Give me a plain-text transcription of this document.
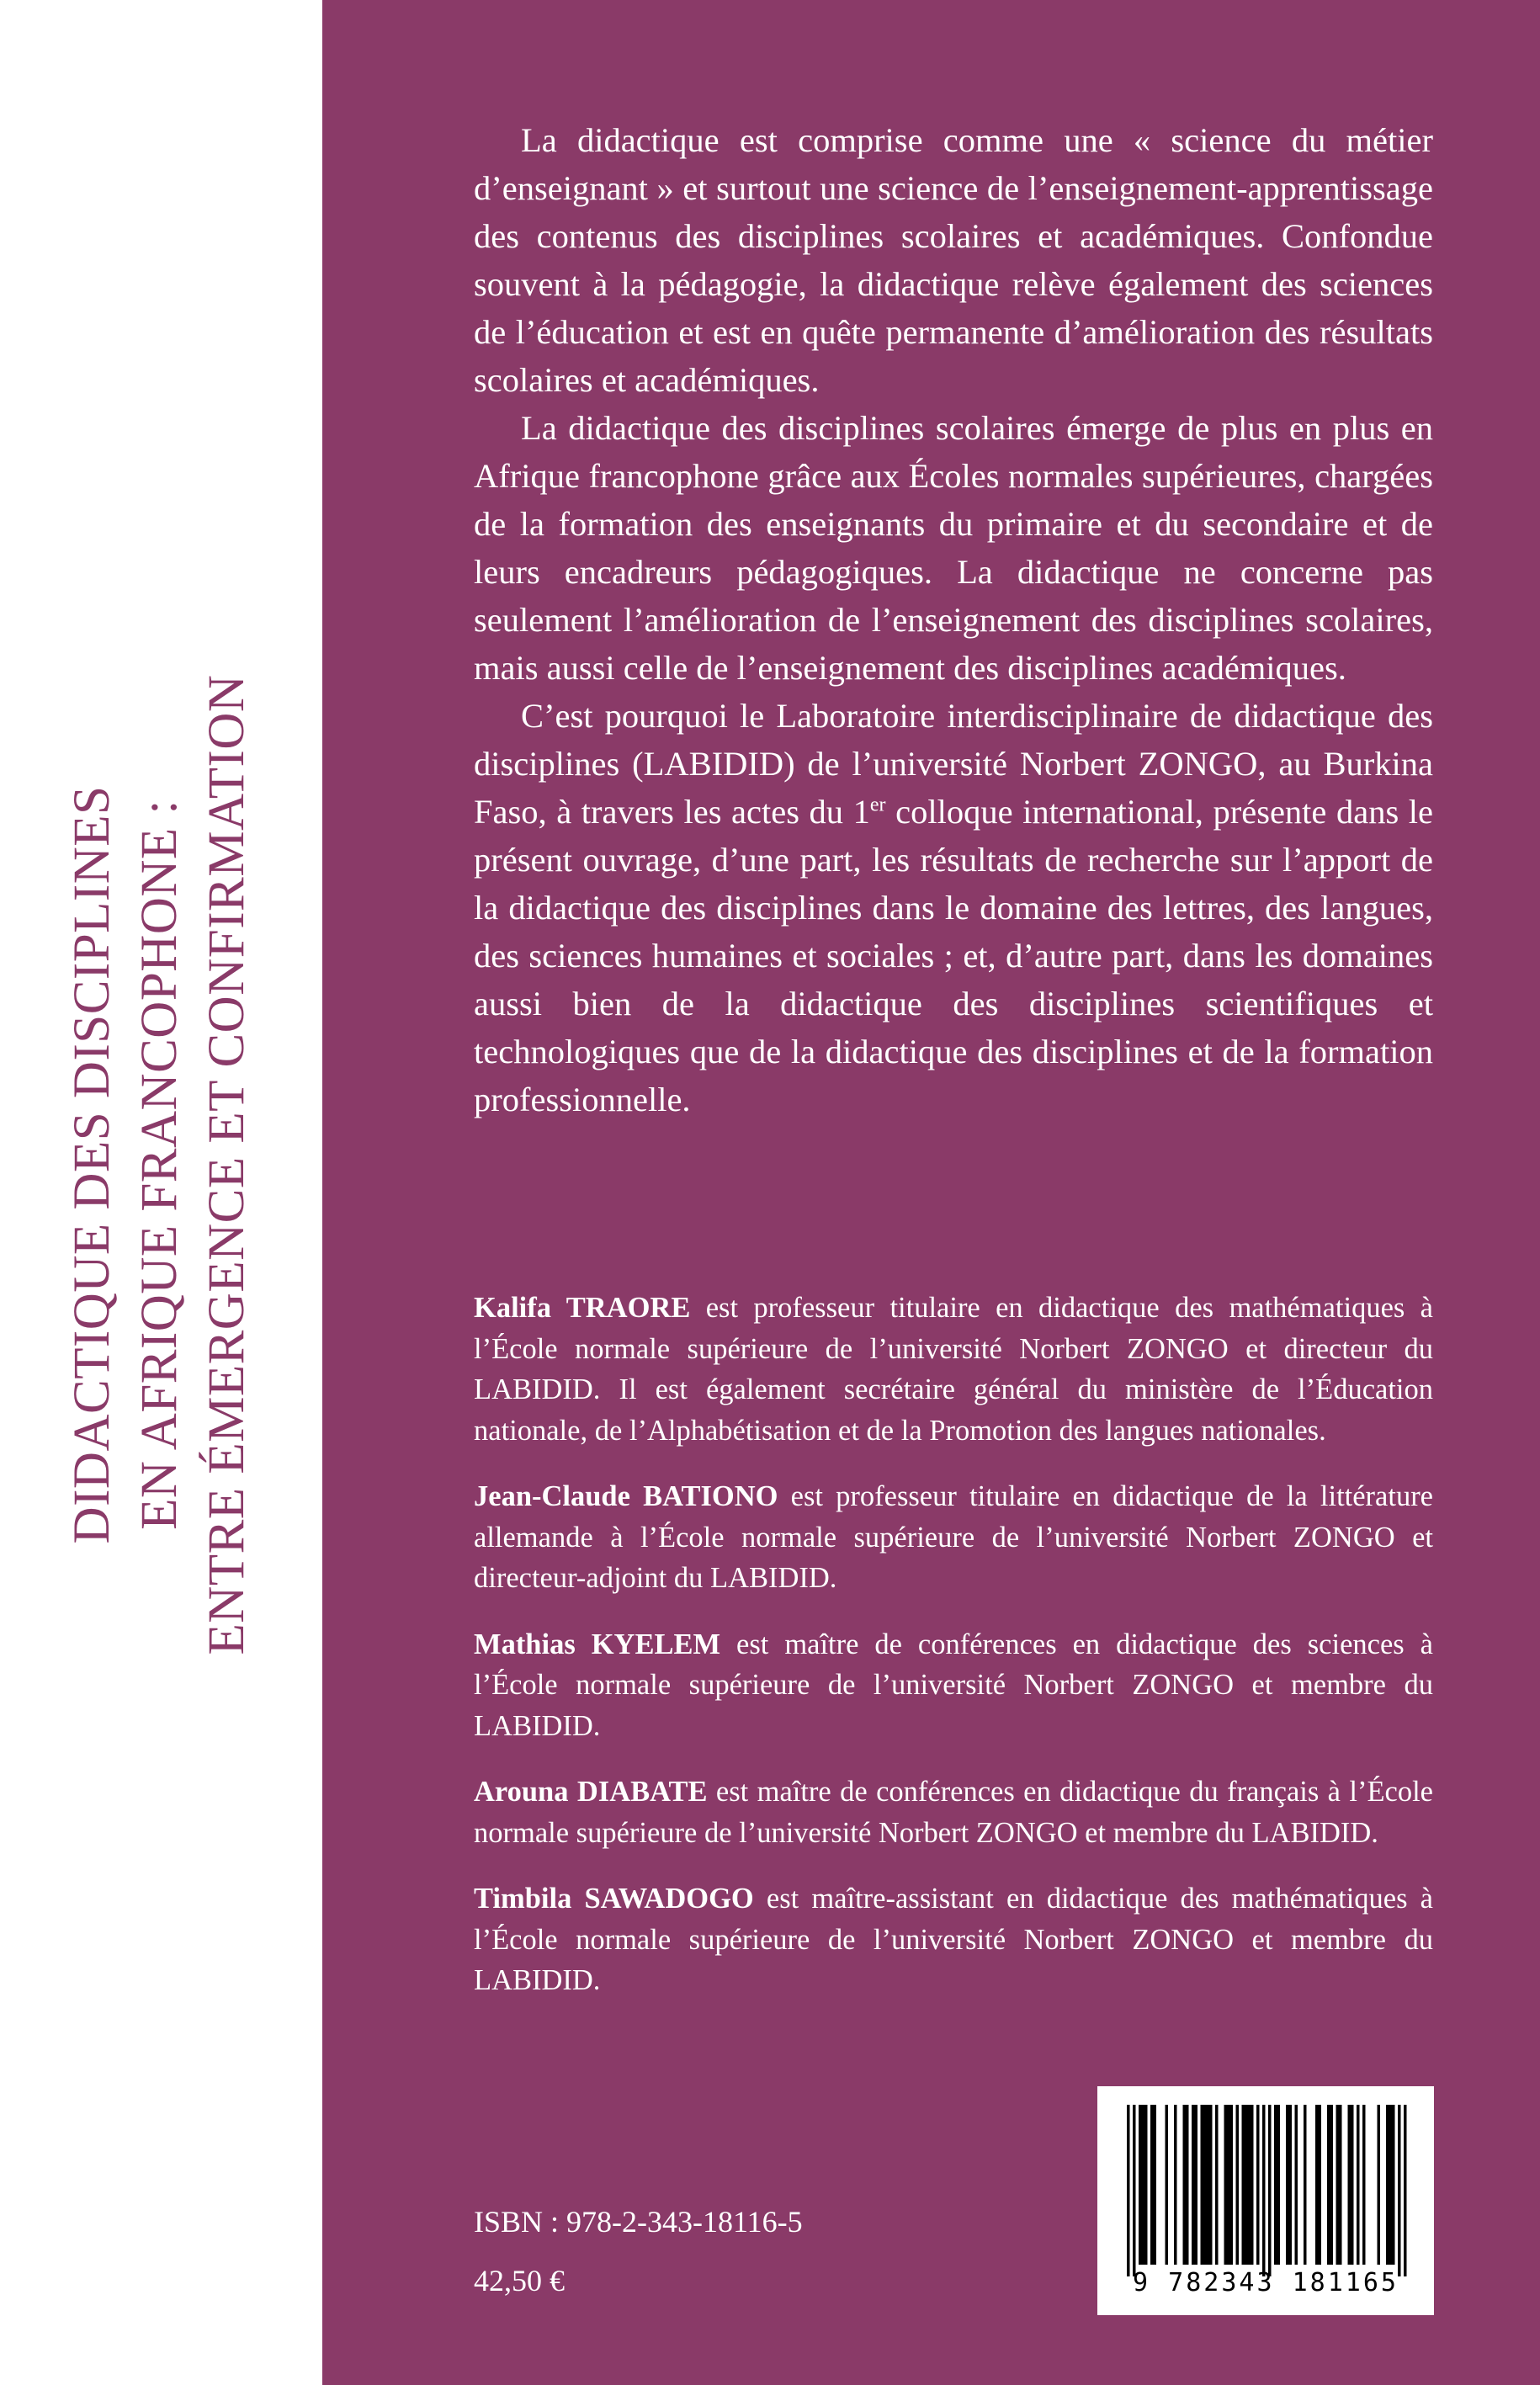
DIDACTIQUE DES DISCIPLINES EN AFRIQUE FRANCOPHONE : ENTRE ÉMERGENCE ET CONFIRMATION

La didactique est comprise comme une « science du métier d’enseignant » et surtout une science de l’enseignement-apprentissage des contenus des disciplines scolaires et académiques. Confondue souvent à la pédagogie, la didactique relève également des sciences de l’éducation et est en quête permanente d’amélioration des résultats scolaires et académiques.

La didactique des disciplines scolaires émerge de plus en plus en Afrique francophone grâce aux Écoles normales supérieures, chargées de la formation des enseignants du primaire et du secondaire et de leurs encadreurs pédagogiques. La didactique ne concerne pas seulement l’amélioration de l’enseignement des disciplines scolaires, mais aussi celle de l’enseignement des disciplines académiques.

C’est pourquoi le Laboratoire interdisciplinaire de didactique des disciplines (LABIDID) de l’université Norbert ZONGO, au Burkina Faso, à travers les actes du 1er colloque international, présente dans le présent ouvrage, d’une part, les résultats de recherche sur l’apport de la didactique des disciplines dans le domaine des lettres, des langues, des sciences humaines et sociales ; et, d’autre part, dans les domaines aussi bien de la didactique des disciplines scientifiques et technologiques que de la didactique des disciplines et de la formation professionnelle.

Kalifa TRAORE est professeur titulaire en didactique des mathématiques à l’École normale supérieure de l’université Norbert ZONGO et directeur du LABIDID. Il est également secrétaire général du ministère de l’Éducation nationale, de l’Alphabétisation et de la Promotion des langues nationales.

Jean-Claude BATIONO est professeur titulaire en didactique de la littérature allemande à l’École normale supérieure de l’université Norbert ZONGO et directeur-adjoint du LABIDID.

Mathias KYELEM est maître de conférences en didactique des sciences à l’École normale supérieure de l’université Norbert ZONGO et membre du LABIDID.

Arouna DIABATE est maître de conférences en didactique du français à l’École normale supérieure de l’université Norbert ZONGO et membre du LABIDID.

Timbila SAWADOGO est maître-assistant en didactique des mathématiques à l’École normale supérieure de l’université Norbert ZONGO et membre du LABIDID.

9 782343 181165
ISBN : 978-2-343-18116-5
42,50 €
